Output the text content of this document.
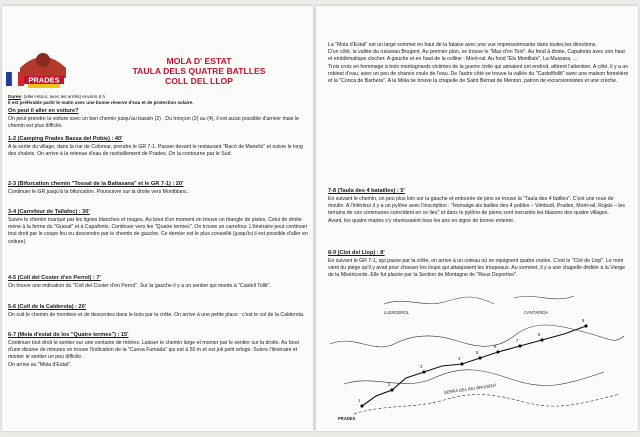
PRADES
MOLA D' ESTAT
TAULA DELS QUATRE BATLLES
COLL DEL LLOP
Durée: (aller-retour, avec les arrêts) environ 6 h
Il est préférable partir le matin avec une bonne réserve d'eau et de protection solaire.
On peut il aller en voiture?

On peut prendre la voiture avec un bon chemin jusqu'au bassin (2) . Du tronçon (2) au (4), il est aussi possible d'arriver mais le chemin est plus difficile.

1-2 (Camping Prades Bassa del Pobie) : 40'

A la sortie du village, dans la rue de Colomar, prendre le GR 7-1. Passer devant le restaurant "Racó de Manelic" et suivre le long des chalets. On arrive à la retenue d'eau de ravitaillement de Prades. On la contourne par le Sud.

2-3 (Bifurcation chemin "Tossal de la Baltasana" et le GR 7-1) : 20'

Continuer le GR jusqu'à la bifurcation. Poursuivre sur la droite vers Montblanc.

3-4 (Carrefour de Tallafoc) : 30'

Suivre le chemin marqué par les lignes blanches et rouges. Au bout d'un moment on trouve un triangle de pistes. Celui de droite mène à la ferme du "Gravat" et à Capafonts. Continuer vers les "Quatre termes". On trouve un carrefour. L'itinéraire peut continuer tout droit par le coupe feu ou descendre par le chemin de gauche. Ce dernier est le plus conseillé (jusqu'ici il est possible d'aller en voiture).

4-5 (Coll del Coster d'en Perrol) : 7'

On trouve une indication du "Coll del Coster d'en Perrol". Sur la gauche il y a un sentier qui monte à "Castell Tollit".

5-6 (Coll de la Calderota) : 20'

On suit le chemin de montées et de descentes dans le bois par la crête. On arrive à une petite place : c'est le col de la Calderota.

6-7 (Mola d'estat de los "Quatre termes") : 15'

Continuer tout droit le sentier sur une centaine de mètres. Laisser le chemin large et monter par le sentier sur la droite. Au bout d'une dizaine de minutes on trouve l'indication de la "Cueva Fumada" qui est à 50 m et est joli petit refuge. Suivre l'itinéraire et monter le sentier un peu difficile.

On arrive au "Mola d'Estat".

La "Mola d'Estat" est un large sommet en haut de la falaise avec une vue impressionnante dans toutes les directions.

D'un côté, la vallée du ruisseau Brugent. Au premier plan, se trouve le "Mas d'en Toni". Au fond à droite, Capafonts avec son haut et emblématique clocher. A gauche et en haut de la colline : Mont-ral. Au fond "Els Montllats", La Mussara, ...

Trois croix en hommage à trois montagnards victimes de la guerre civile qui aimaient cet endroit, attirent l'attention. A côté, il y a un robinet d'eau, avec un peu de chance coule de l'eau. De l'autre côté se trouve la vallée du "Castellfollit" avec une maison forestière et la "Conca de Barbera". A la Mola se trouve la chapelle de Saint Bernat de Menton, patron de excursionnistes et une crèche.

7-8 (Taula des 4 batailles) : 5'

En suivant le chemin, un peu plus loin sur la gauche et entourée de pins se trouve la "Taula des 4 batlles". C'est une roue de moulin. A l'intérieur il y a un pylône avec l'inscription : "Homatge als batlles des 4 pobles – Vimbodí, Prades, Mont-ral, Rojals – les terrains de ces communes coïncident en ce lieu" et dans le pylône de pierre sont incrustés les blasons des quatre villages.

Avant, les quatre maires s'y réunissaient tous les ans en signe de bonne entente.

8-9 (Clot del Llop) : 8'

En suivant le GR 7-1, qui passe par la crête, on arrive à un coteau où se rejoignent quatre routes. C'est le "Clot de Llop". Le nom vient du piège qu'il y avait pour chasser les loups qui attaquaient les troupeaux. Au sommet, il y a une chapelle dédiée à la Vierge de la Miséricorde. Elle fut placée par la Section de Montagne de "Reus Deportivo".

1
2
3
4
5
6
7
8
9
SERRA DEL RIU BRUGENT
LLENCEROL	CANTÀRIDA
PRADES
